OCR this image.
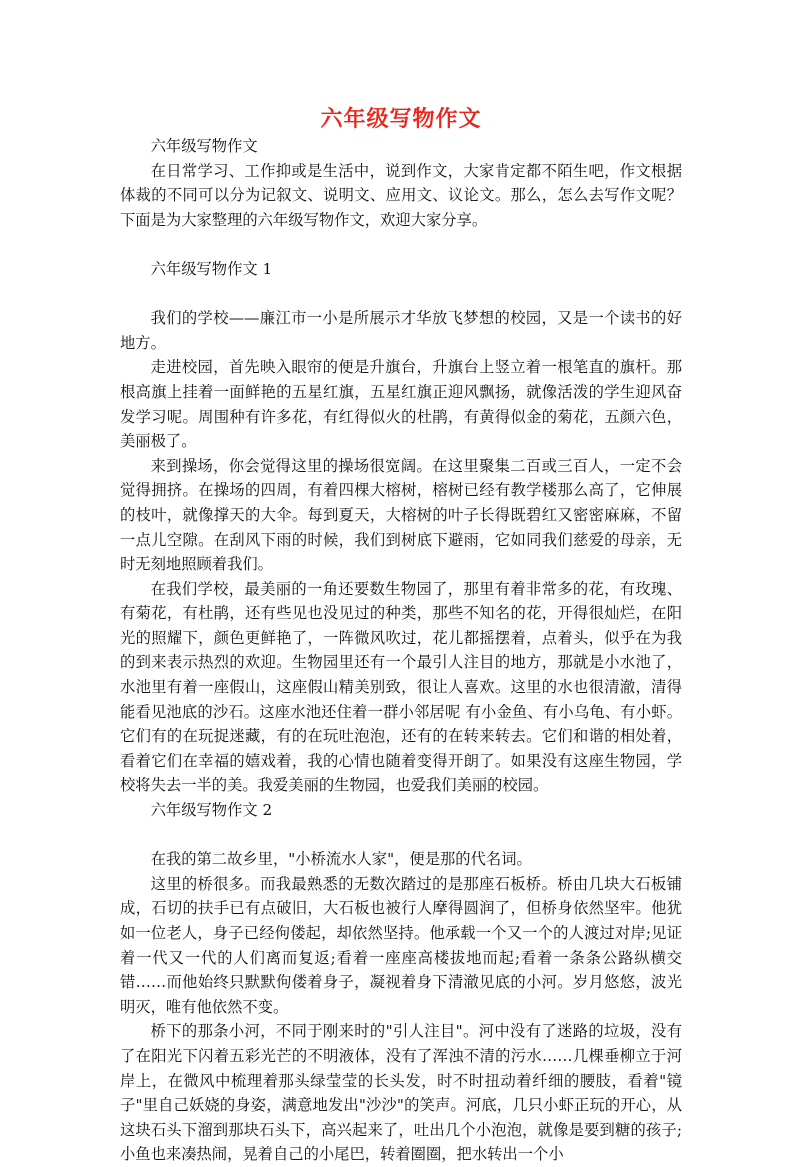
六年级写物作文

六年级写物作文

在日常学习、工作抑或是生活中，说到作文，大家肯定都不陌生吧，作文根据体裁的不同可以分为记叙文、说明文、应用文、议论文。那么，怎么去写作文呢？下面是为大家整理的六年级写物作文，欢迎大家分享。

六年级写物作文 1

我们的学校——廉江市一小是所展示才华放飞梦想的校园，又是一个读书的好地方。

走进校园，首先映入眼帘的便是升旗台，升旗台上竖立着一根笔直的旗杆。那根高旗上挂着一面鲜艳的五星红旗，五星红旗正迎风飘扬，就像活泼的学生迎风奋发学习呢。周围种有许多花，有红得似火的杜鹃，有黄得似金的菊花，五颜六色，美丽极了。

来到操场，你会觉得这里的操场很宽阔。在这里聚集二百或三百人，一定不会觉得拥挤。在操场的四周，有着四棵大榕树，榕树已经有教学楼那么高了，它伸展的枝叶，就像撑天的大伞。每到夏天，大榕树的叶子长得既碧红又密密麻麻，不留一点儿空隙。在刮风下雨的时候，我们到树底下避雨，它如同我们慈爱的母亲，无时无刻地照顾着我们。

在我们学校，最美丽的一角还要数生物园了，那里有着非常多的花，有玫瑰、有菊花，有杜鹃，还有些见也没见过的种类，那些不知名的花，开得很灿烂，在阳光的照耀下，颜色更鲜艳了，一阵微风吹过，花儿都摇摆着，点着头，似乎在为我的到来表示热烈的欢迎。生物园里还有一个最引人注目的地方，那就是小水池了，水池里有着一座假山，这座假山精美别致，很让人喜欢。这里的水也很清澈，清得能看见池底的沙石。这座水池还住着一群小邻居呢 有小金鱼、有小乌龟、有小虾。它们有的在玩捉迷藏，有的在玩吐泡泡，还有的在转来转去。它们和谐的相处着，看着它们在幸福的嬉戏着，我的心情也随着变得开朗了。如果没有这座生物园，学校将失去一半的美。我爱美丽的生物园，也爱我们美丽的校园。

六年级写物作文 2

在我的第二故乡里，"小桥流水人家"，便是那的代名词。

这里的桥很多。而我最熟悉的无数次踏过的是那座石板桥。桥由几块大石板铺成，石切的扶手已有点破旧，大石板也被行人摩得圆润了，但桥身依然坚牢。他犹如一位老人，身子已经佝偻起，却依然坚持。他承载一个又一个的人渡过对岸;见证着一代又一代的人们离而复返;看着一座座高楼拔地而起;看着一条条公路纵横交错……而他始终只默默佝偻着身子，凝视着身下清澈见底的小河。岁月悠悠，波光明灭，唯有他依然不变。

桥下的那条小河，不同于刚来时的"引人注目"。河中没有了迷路的垃圾，没有了在阳光下闪着五彩光芒的不明液体，没有了浑浊不清的污水……几棵垂柳立于河岸上，在微风中梳理着那头绿莹莹的长头发，时不时扭动着纤细的腰肢，看着"镜子"里自己妖娆的身姿，满意地发出"沙沙"的笑声。河底，几只小虾正玩的开心，从这块石头下溜到那块石头下，高兴起来了，吐出几个小泡泡，就像是要到糖的孩子;小鱼也来凑热闹，晃着自己的小尾巴，转着圈圈，把水转出一个小
